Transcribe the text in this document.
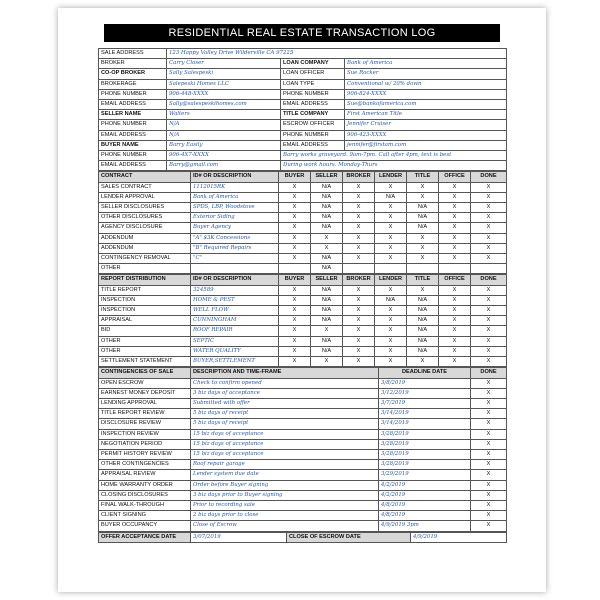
RESIDENTIAL REAL ESTATE TRANSACTION LOG
SALE ADDRESS	123 Happy Valley Drive Wilderville CA 97225		
BROKER	Carry Closer	LOAN COMPANY	Bank of America
CO-OP BROKER	Sally Salespeski	LOAN OFFICER	Sue Rocker
BROKERAGE	Salepeski Homes LLC	LOAN TYPE	Conventional w/ 20% down
PHONE NUMBER	906-448-XXXX	PHONE NUMBER	906-824-XXXX
EMAIL ADDRESS	Sally@salespeskihomes.com	EMAIL ADDRESS	Sue@bankofamerica.com
SELLER NAME	Walters	TITLE COMPANY	First American Title
PHONE NUMBER	N/A	ESCROW OFFICER	Jennifer Cruiser
EMAIL ADDRESS	N/A	PHONE NUMBER	906-423-XXXX
BUYER NAME	Barry Easily	EMAIL ADDRESS	jennifer@firstam.com
PHONE NUMBER	906-4X7-XXXX	Barry works graveyard. 9am-7pm. Call after 4pm, text is best	
EMAIL ADDRESS	Barry@gmail.com	During work hours. Monday-Thurs	
CONTRACT	ID# OR DESCRIPTION	BUYER	SELLER	BROKER	LENDER	TITLE	OFFICE	DONE
SALES CONTRACT	1112015RK	X	N/A	X	X	X	X	X
LENDER APPROVAL	Bank of America	X	N/A	X	N/A	X	X	X
SELLER DISCLOSURES	SPDS, LBP, Woodstove	X	N/A	X	X	N/A	X	X
OTHER DISCLOSURES	Exterior Siding	X	N/A	X	X	N/A	X	X
AGENCY DISCLOSURE	Buyer Agency	X	N/A	X	X	N/A	X	X
ADDENDUM	"A" $3K Concessions	X	X	X	X	X	X	X
ADDENDUM	"B" Required Repairs	X	X	X	X	X	X	X
CONTINGENCY REMOVAL	"C"	X	N/A	X	X	X	X	X
OTHER			N/A					
REPORT DISTRIBUTION	ID# OR DESCRIPTION	BUYER	SELLER	BROKER	LENDER	TITLE	OFFICE	DONE
TITLE REPORT	324589	X	N/A	X	X	X	X	X
INSPECTION	HOME & PEST	X	N/A	X	N/A	N/A	X	X
INSPECTION	WELL FLOW	X	N/A	X	X	N/A	X	X
APPRAISAL	CUNNINGHAM	X	N/A	X	X	N/A	X	X
BID	ROOF REPAIR	X	X	X	X	N/A	X	X
OTHER	SEPTIC	X	N/A	X	X	N/A	X	X
OTHER	WATER QUALITY	X	N/A	X	X	N/A	X	X
SETTLEMENT STATEMENT	BUYER,SETTLEMENT	X	X	X	X	X	X	X
CONTINGENCIES OF SALE	DESCRIPTION AND TIME-FRAME	DEADLINE DATE	DONE
OPEN ESCROW	Check to confirm opened	3/8/2019	X
EARNEST MONEY DEPOSIT	3 biz days of acceptance	3/12/2019	X
LENDING APPROVAL	Submitted with offer	3/7/2019	X
TITLE REPORT REVIEW	5 biz days of receipt	3/14/2019	X
DISCLOSURE REVIEW	5 biz days of receipt	3/14/2019	X
INSPECTION REVIEW	15 biz days of acceptance	3/28/2019	X
NEGOTIATION PERIOD	15 biz days of acceptance	3/28/2019	X
PERMIT HISTORY REVIEW	15 biz days of acceptance	3/28/2019	X
OTHER CONTINGENCIES	Roof repair garage	3/28/2019	X
APPRAISAL REVIEW	Lender system due date	3/29/2019	X
HOME WARRANTY ORDER	Order before Buyer signing	4/2/2019	X
CLOSING DISCLOSURES	3 biz days prior to Buyer signing	4/2/2019	X
FINAL WALK-THROUGH	Prior to recording sale	4/8/2019	X
CLIENT SIGNING	2 biz days prior to close	4/8/2019	X
BUYER OCCUPANCY	Close of Escrow	4/9/2019 3pm	X
OFFER ACCEPTANCE DATE	3/07/2019	CLOSE OF ESCROW DATE	4/9/2019
